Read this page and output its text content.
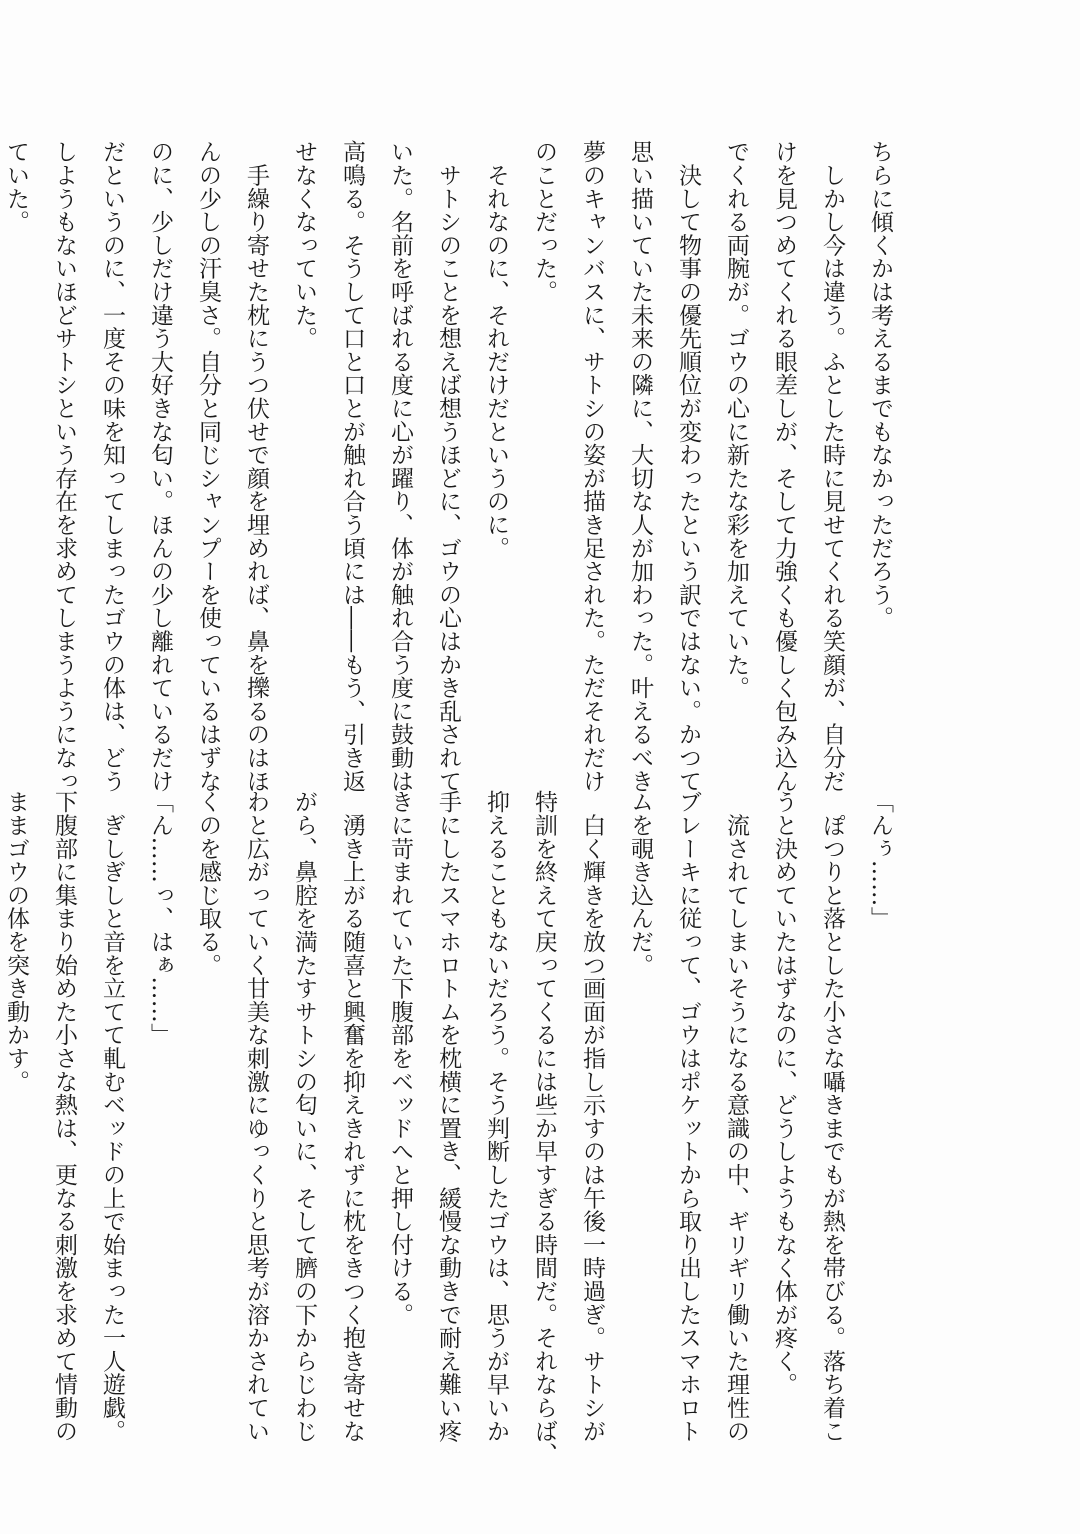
ちらに傾くかは考えるまでもなかっただろう。
　しかし今は違う。ふとした時に見せてくれる笑顔が、自分だ
けを見つめてくれる眼差しが、そして力強くも優しく包み込ん
でくれる両腕が。ゴウの心に新たな彩を加えていた。
　決して物事の優先順位が変わったという訳ではない。かつて
思い描いていた未来の隣に、大切な人が加わった。叶えるべき
夢のキャンバスに、サトシの姿が描き足された。ただそれだけ
のことだった。
　それなのに、それだけだというのに。
　サトシのことを想えば想うほどに、ゴウの心はかき乱されて
いた。名前を呼ばれる度に心が躍り、体が触れ合う度に鼓動は
高鳴る。そうして口と口とが触れ合う頃には――もう、引き返
せなくなっていた。
　手繰り寄せた枕にうつ伏せで顔を埋めれば、鼻を擽るのはほ
んの少しの汗臭さ。自分と同じシャンプーを使っているはずな
のに、少しだけ違う大好きな匂い。ほんの少し離れているだけ
だというのに、一度その味を知ってしまったゴウの体は、どう
しようもないほどサトシという存在を求めてしまうようになっ
ていた。
「んぅ……」
　ぽつりと落とした小さな囁きまでもが熱を帯びる。落ち着こ
うと決めていたはずなのに、どうしようもなく体が疼く。
　流されてしまいそうになる意識の中、ギリギリ働いた理性の
ブレーキに従って、ゴウはポケットから取り出したスマホロト
ムを覗き込んだ。
　白く輝きを放つ画面が指し示すのは午後一時過ぎ。サトシが
特訓を終えて戻ってくるには些か早すぎる時間だ。それならば、
抑えることもないだろう。そう判断したゴウは、思うが早いか
手にしたスマホロトムを枕横に置き、緩慢な動きで耐え難い疼
きに苛まれていた下腹部をベッドへと押し付ける。
　湧き上がる随喜と興奮を抑えきれずに枕をきつく抱き寄せな
がら、鼻腔を満たすサトシの匂いに、そして臍の下からじわじ
わと広がっていく甘美な刺激にゆっくりと思考が溶かされてい
くのを感じ取る。
「ん……っ、はぁ……」
　ぎしぎしと音を立てて軋むベッドの上で始まった一人遊戯。
下腹部に集まり始めた小さな熱は、更なる刺激を求めて情動の
ままゴウの体を突き動かす。
